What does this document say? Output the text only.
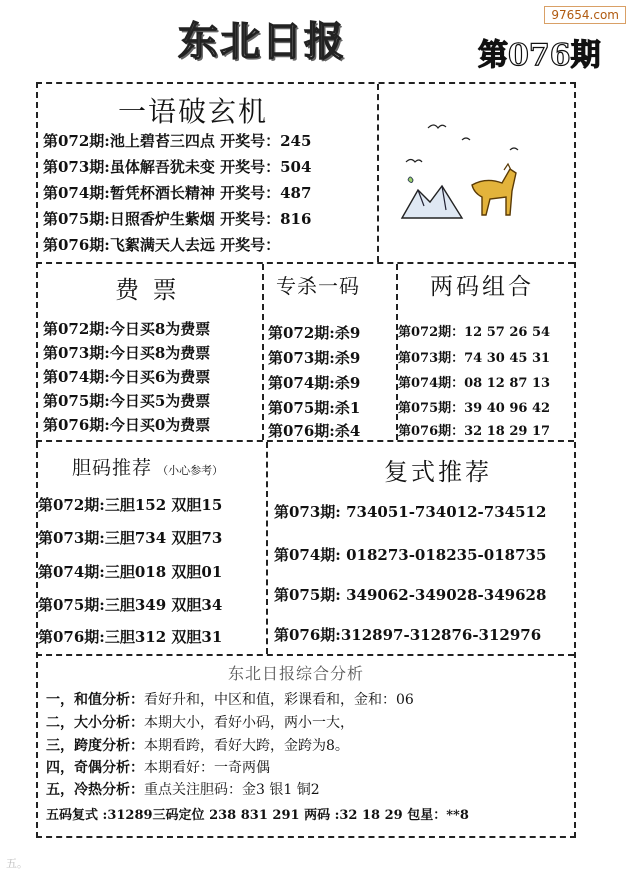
97654.com
东北日报	第076期
一语破玄机
第072期:池上碧苔三四点 开奖号：245
第073期:虽体解吾犹未变 开奖号：504
第074期:暂凭杯酒长精神 开奖号：487
第075期:日照香炉生紫烟 开奖号：816
第076期:飞絮满天人去远 开奖号：
费 票
第072期:今日买8为费票
第073期:今日买8为费票
第074期:今日买6为费票
第075期:今日买5为费票
第076期:今日买0为费票
专杀一码
第072期:杀9
第073期:杀9
第074期:杀9
第075期:杀1
第076期:杀4
两码组合
第072期：12 57 26 54
第073期：74 30 45 31
第074期：08 12 87 13
第075期：39 40 96 42
第076期：32 18 29 17
胆码推荐 （小心参考）
第072期:三胆152 双胆15
第073期:三胆734 双胆73
第074期:三胆018 双胆01
第075期:三胆349 双胆34
第076期:三胆312 双胆31
复式推荐
第073期: 734051-734012-734512
第074期: 018273-018235-018735
第075期: 349062-349028-349628
第076期:312897-312876-312976
东北日报综合分析
一，和值分析：看好升和，中区和值，彩课看和，金和：06
二，大小分析：本期大小，看好小码，两小一大，
三，跨度分析：本期看跨，看好大跨，金跨为8。
四，奇偶分析：本期看好：一奇两偶
五，冷热分析：重点关注胆码：金3 银1 铜2
五码复式 :31289三码定位 238 831 291 两码 :32 18 29 包星：**8
五。
